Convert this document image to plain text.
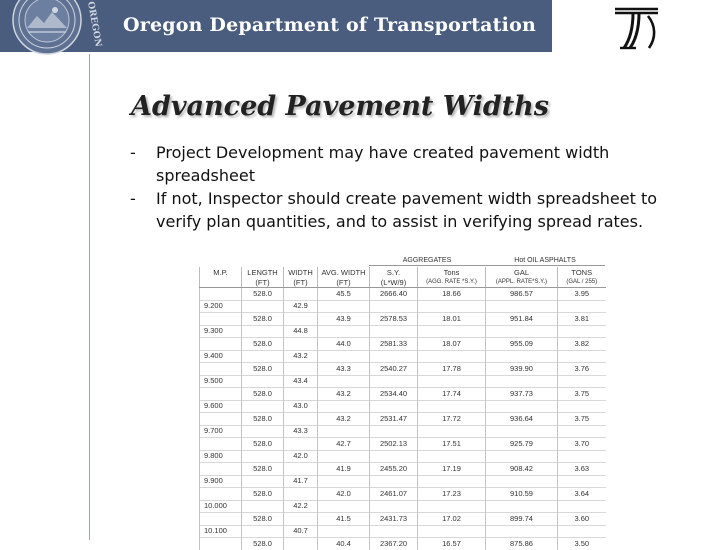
OREGON Oregon Department of Transportation
Advanced Pavement Widths
- Project Development may have created pavement width spreadsheet
- If not, Inspector should create pavement width spreadsheet to verify plan quantities, and to assist in verifying spread rates.
AGGREGATES	Hot OIL ASPHALTS
M.P.	LENGTH	WIDTH	AVG. WIDTH	S.Y.	Tons	GAL	TONS
	(FT)	(FT)	(FT)	(L*W/9)	(AGG. RATE *S.Y.)	(APPL. RATE*S.Y.)	(GAL / 255)
	528.0		45.5	2666.40	18.66	986.57	3.95
9.200		42.9					
	528.0		43.9	2578.53	18.01	951.84	3.81
9.300		44.8					
	528.0		44.0	2581.33	18.07	955.09	3.82
9.400		43.2					
	528.0		43.3	2540.27	17.78	939.90	3.76
9.500		43.4					
	528.0		43.2	2534.40	17.74	937.73	3.75
9.600		43.0					
	528.0		43.2	2531.47	17.72	936.64	3.75
9.700		43.3					
	528.0		42.7	2502.13	17.51	925.79	3.70
9.800		42.0					
	528.0		41.9	2455.20	17.19	908.42	3.63
9.900		41.7					
	528.0		42.0	2461.07	17.23	910.59	3.64
10.000		42.2					
	528.0		41.5	2431.73	17.02	899.74	3.60
10.100		40.7					
	528.0		40.4	2367.20	16.57	875.86	3.50
